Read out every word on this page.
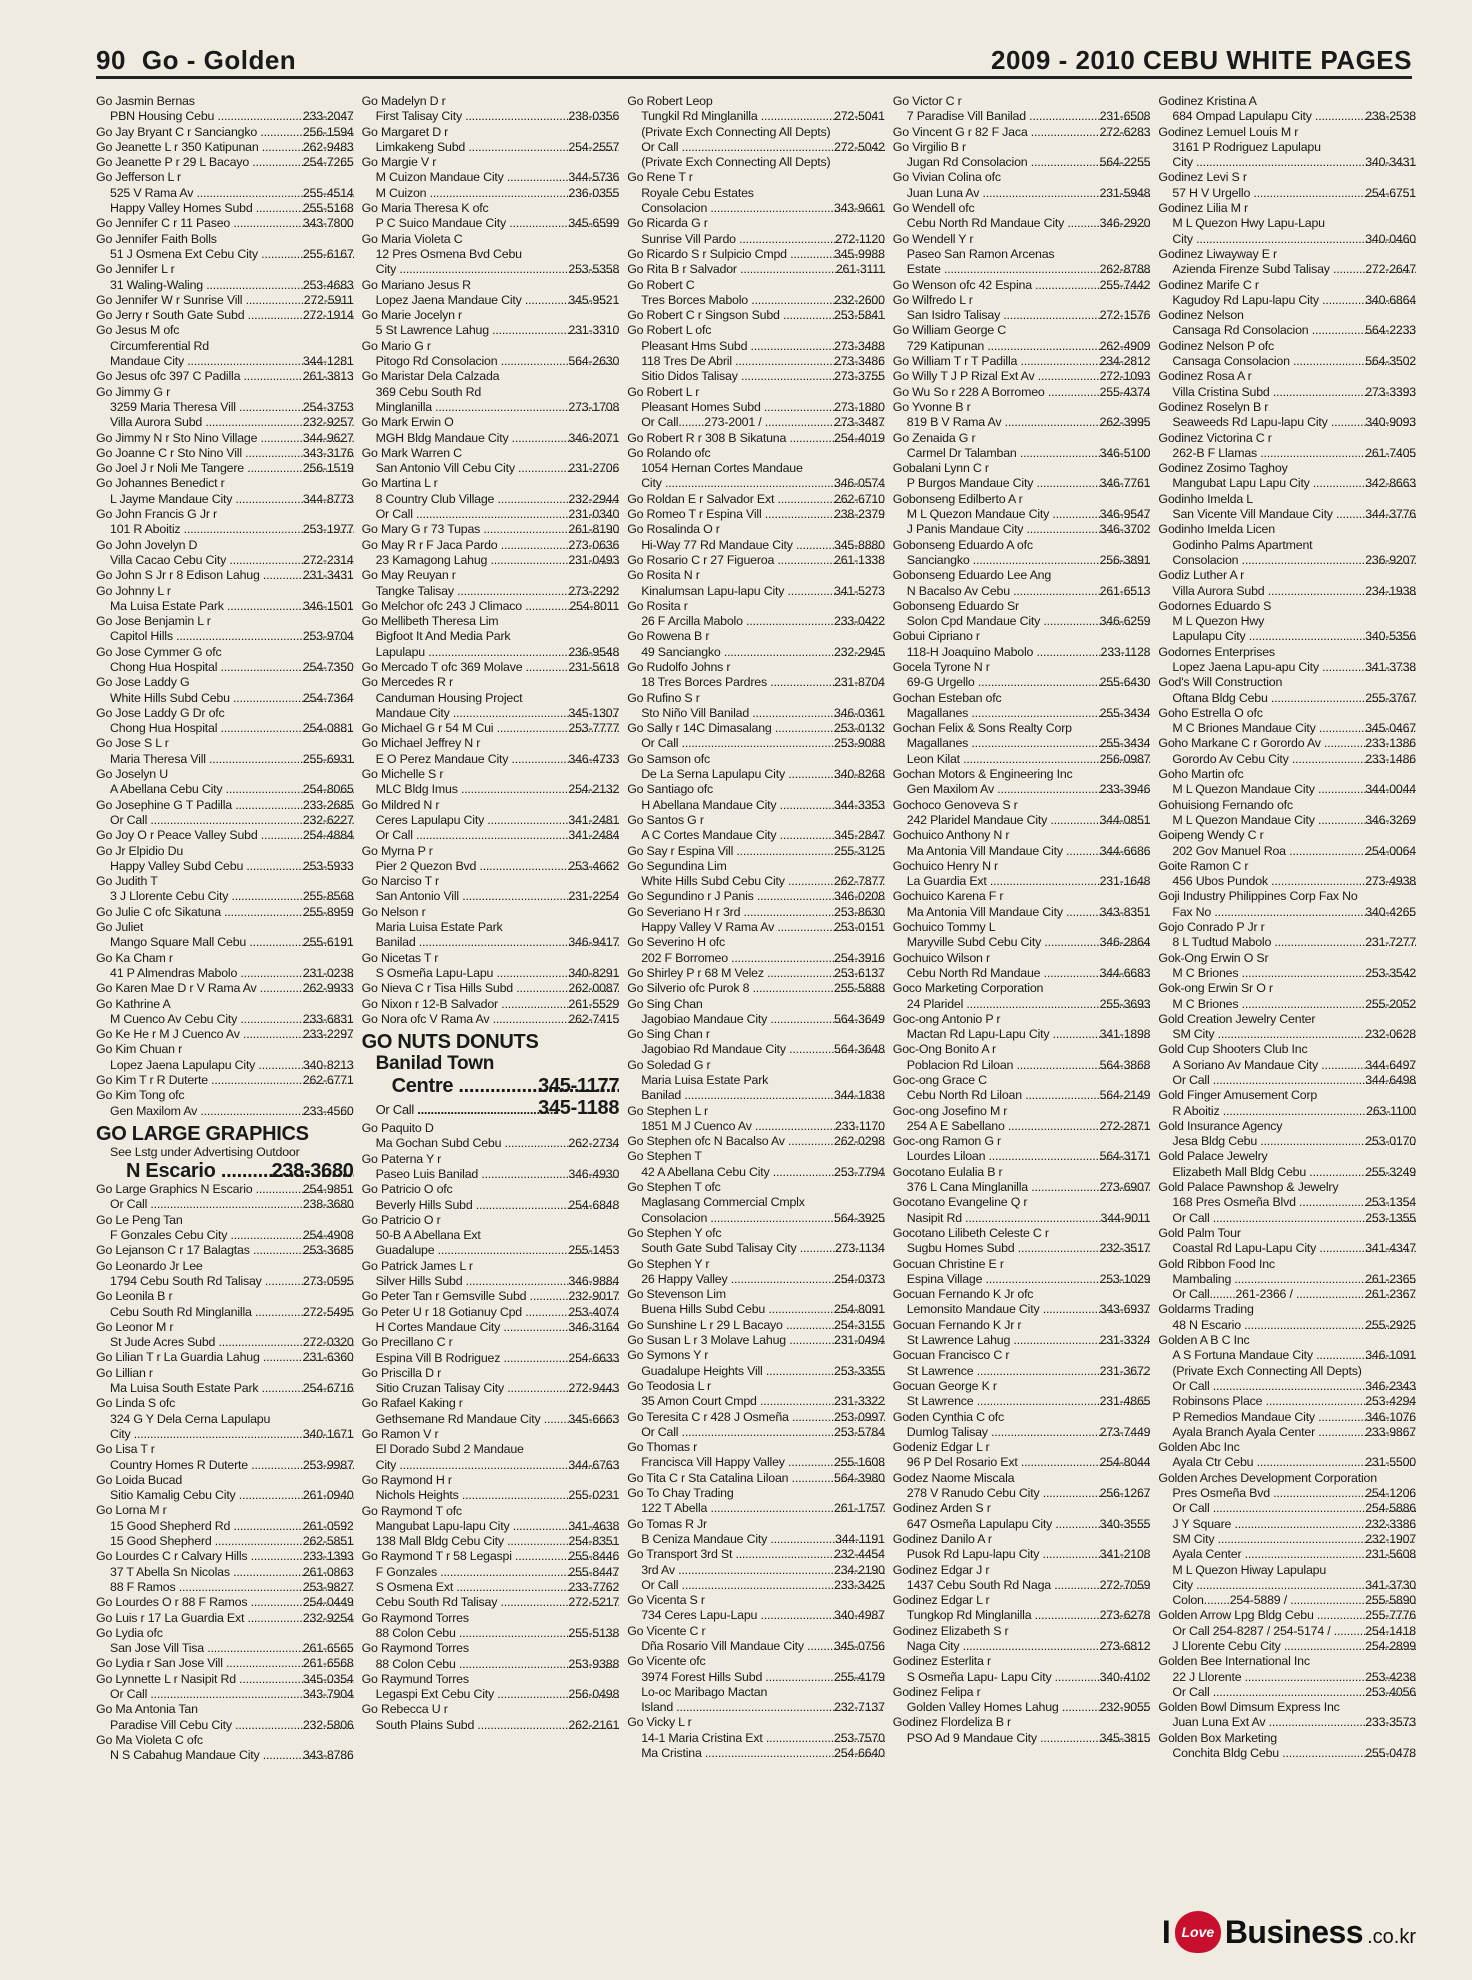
90 Go - Golden	2009 - 2010 CEBU WHITE PAGES
Go Jasmin Bernas
233-2047
PBN Housing Cebu .....
256-1594
Go Jay Bryant C r Sanciangko .....
262-9483
Go Jeanette L r 350 Katipunan .....
254-7265
Go Jeanette P r 29 L Bacayo .....
Go Jefferson L r
255-4514
525 V Rama Av .....
255-5168
Happy Valley Homes Subd .....
343-7800
Go Jennifer C r 11 Paseo .....
Go Jennifer Faith Bolls
255-6167
51 J Osmena Ext Cebu City .....
Go Jennifer L r
253-4683
31 Waling-Waling .....
272-5911
Go Jennifer W r Sunrise Vill .....
272-1914
Go Jerry r South Gate Subd .....
Go Jesus M ofc
Circumferential Rd
344-1281
Mandaue City .....
261-3813
Go Jesus ofc 397 C Padilla .....
Go Jimmy G r
254-3753
3259 Maria Theresa Vill .....
232-9257
Villa Aurora Subd .....
344-9627
Go Jimmy N r Sto Nino Village .....
343-3176
Go Joanne C r Sto Nino Vill .....
256-1519
Go Joel J r Noli Me Tangere .....
Go Johannes Benedict r
344-8773
L Jayme Mandaue City .....
Go John Francis G Jr r
253-1977
101 R Aboitiz .....
Go John Jovelyn D
272-2314
Villa Cacao Cebu City .....
231-3431
Go John S Jr r 8 Edison Lahug .....
Go Johnny L r
346-1501
Ma Luisa Estate Park .....
Go Jose Benjamin L r
253-9704
Capitol Hills .....
Go Jose Cymmer G ofc
254-7350
Chong Hua Hospital .....
Go Jose Laddy G
254-7364
White Hills Subd Cebu .....
Go Jose Laddy G Dr ofc
254-0881
Chong Hua Hospital .....
Go Jose S L r
255-6931
Maria Theresa Vill .....
Go Joselyn U
254-8065
A Abellana Cebu City .....
233-2685
Go Josephine G T Padilla .....
232-6227
Or Call .....
254-4884
Go Joy O r Peace Valley Subd .....
Go Jr Elpidio Du
253-5933
Happy Valley Subd Cebu .....
Go Judith T
255-8568
3 J Llorente Cebu City .....
255-8959
Go Julie C ofc Sikatuna .....
Go Juliet
255-6191
Mango Square Mall Cebu .....
Go Ka Cham r
231-0238
41 P Almendras Mabolo .....
262-9933
Go Karen Mae D r V Rama Av .....
Go Kathrine A
233-6831
M Cuenco Av Cebu City .....
233-2297
Go Ke He r M J Cuenco Av .....
Go Kim Chuan r
340-8213
Lopez Jaena Lapulapu City .....
262-6771
Go Kim T r R Duterte .....
Go Kim Tong ofc
233-4560
Gen Maxilom Av .....
GO LARGE GRAPHICS
See Lstg under Advertising Outdoor
238-3680
N Escario .....
254-9851
Go Large Graphics N Escario .....
238-3680
Or Call .....
Go Le Peng Tan
254-4908
F Gonzales Cebu City .....
253-3685
Go Lejanson C r 17 Balagtas .....
Go Leonardo Jr Lee
273-0595
1794 Cebu South Rd Talisay .....
Go Leonila B r
272-5495
Cebu South Rd Minglanilla .....
Go Leonor M r
272-0320
St Jude Acres Subd .....
231-6360
Go Lilian T r La Guardia Lahug .....
Go Lillian r
254-6716
Ma Luisa South Estate Park .....
Go Linda S ofc
324 G Y Dela Cerna Lapulapu
340-1671
City .....
Go Lisa T r
253-9987
Country Homes R Duterte .....
Go Loida Bucad
261-0940
Sitio Kamalig Cebu City .....
Go Lorna M r
261-0592
15 Good Shepherd Rd .....
262-5851
15 Good Shepherd .....
233-1393
Go Lourdes C r Calvary Hills .....
261-0863
37 T Abella Sn Nicolas .....
253-9827
88 F Ramos .....
254-0449
Go Lourdes O r 88 F Ramos .....
232-9254
Go Luis r 17 La Guardia Ext .....
Go Lydia ofc
261-6565
San Jose Vill Tisa .....
261-6568
Go Lydia r San Jose Vill .....
345-0354
Go Lynnette L r Nasipit Rd .....
343-7904
Or Call .....
Go Ma Antonia Tan
232-5806
Paradise Vill Cebu City .....
Go Ma Violeta C ofc
343-8786
N S Cabahug Mandaue City .....
Go Madelyn D r
238-0356
First Talisay City .....
Go Margaret D r
254-2557
Limkakeng Subd .....
Go Margie V r
344-5736
M Cuizon Mandaue City .....
236-0355
M Cuizon .....
Go Maria Theresa K ofc
345-6599
P C Suico Mandaue City .....
Go Maria Violeta C
12 Pres Osmena Bvd Cebu
253-5358
City .....
Go Mariano Jesus R
345-9521
Lopez Jaena Mandaue City .....
Go Marie Jocelyn r
231-3310
5 St Lawrence Lahug .....
Go Mario G r
564-2630
Pitogo Rd Consolacion .....
Go Maristar Dela Calzada
369 Cebu South Rd
273-1708
Minglanilla .....
Go Mark Erwin O
346-2071
MGH Bldg Mandaue City .....
Go Mark Warren C
231-2706
San Antonio Vill Cebu City .....
Go Martina L r
232-2944
8 Country Club Village .....
231-0340
Or Call .....
261-8190
Go Mary G r 73 Tupas .....
273-0636
Go May R r F Jaca Pardo .....
231-0493
23 Kamagong Lahug .....
Go May Reuyan r
273-2292
Tangke Talisay .....
254-8011
Go Melchor ofc 243 J Climaco .....
Go Mellibeth Theresa Lim
Bigfoot It And Media Park
236-9548
Lapulapu .....
231-5618
Go Mercado T ofc 369 Molave .....
Go Mercedes R r
Canduman Housing Project
345-1307
Mandaue City .....
253-7777
Go Michael G r 54 M Cui .....
Go Michael Jeffrey N r
346-4733
E O Perez Mandaue City .....
Go Michelle S r
254-2132
MLC Bldg Imus .....
Go Mildred N r
341-2481
Ceres Lapulapu City .....
341-2484
Or Call .....
Go Myrna P r
253-4662
Pier 2 Quezon Bvd .....
Go Narciso T r
231-2254
San Antonio Vill .....
Go Nelson r
Maria Luisa Estate Park
346-9417
Banilad .....
Go Nicetas T r
340-8291
S Osmeña Lapu-Lapu .....
262-0087
Go Nieva C r Tisa Hills Subd .....
261-5529
Go Nixon r 12-B Salvador .....
262-7415
Go Nora ofc V Rama Av .....
GO NUTS DONUTS
Banilad Town
345-1177
Centre .....
345-1188
Or Call .....
Go Paquito D
262-2734
Ma Gochan Subd Cebu .....
Go Paterna Y r
346-4930
Paseo Luis Banilad .....
Go Patricio O ofc
254-6848
Beverly Hills Subd .....
Go Patricio O r
50-B A Abellana Ext
255-1453
Guadalupe .....
Go Patrick James L r
346-9884
Silver Hills Subd .....
232-9017
Go Peter Tan r Gemsville Subd .....
253-4074
Go Peter U r 18 Gotianuy Cpd .....
346-3164
H Cortes Mandaue City .....
Go Precillano C r
254-6633
Espina Vill B Rodriguez .....
Go Priscilla D r
272-9443
Sitio Cruzan Talisay City .....
Go Rafael Kaking r
345-6663
Gethsemane Rd Mandaue City .....
Go Ramon V r
El Dorado Subd 2 Mandaue
344-6763
City .....
Go Raymond H r
255-0231
Nichols Heights .....
Go Raymond T ofc
341-4638
Mangubat Lapu-lapu City .....
254-8351
138 Mall Bldg Cebu City .....
255-8446
Go Raymond T r 58 Legaspi .....
255-8447
F Gonzales .....
233-7762
S Osmena Ext .....
272-5217
Cebu South Rd Talisay .....
Go Raymond Torres
255-5138
88 Colon Cebu .....
Go Raymond Torres
253-9388
88 Colon Cebu .....
Go Raymund Torres
256-0498
Legaspi Ext Cebu City .....
Go Rebecca U r
262-2161
South Plains Subd .....
Go Robert Leop
272-5041
Tungkil Rd Minglanilla .....
(Private Exch Connecting All Depts)
272-5042
Or Call .....
(Private Exch Connecting All Depts)
Go Rene T r
Royale Cebu Estates
343-9661
Consolacion .....
Go Ricarda G r
272-1120
Sunrise Vill Pardo .....
345-9988
Go Ricardo S r Sulpicio Cmpd .....
261-3111
Go Rita B r Salvador .....
Go Robert C
232-2600
Tres Borces Mabolo .....
253-5841
Go Robert C r Singson Subd .....
Go Robert L ofc
273-3488
Pleasant Hms Subd .....
273-3486
118 Tres De Abril .....
273-3755
Sitio Didos Talisay .....
Go Robert L r
273-1880
Pleasant Homes Subd .....
273-3487
Or Call........273-2001 / .....
254-4019
Go Robert R r 308 B Sikatuna .....
Go Rolando ofc
1054 Hernan Cortes Mandaue
346-0574
City .....
262-6710
Go Roldan E r Salvador Ext .....
238-2379
Go Romeo T r Espina Vill .....
Go Rosalinda O r
345-8880
Hi-Way 77 Rd Mandaue City .....
261-1338
Go Rosario C r 27 Figueroa .....
Go Rosita N r
341-5273
Kinalumsan Lapu-lapu City .....
Go Rosita r
233-0422
26 F Arcilla Mabolo .....
Go Rowena B r
232-2945
49 Sanciangko .....
Go Rudolfo Johns r
231-8704
18 Tres Borces Pardres .....
Go Rufino S r
346-0361
Sto Niño Vill Banilad .....
253-0132
Go Sally r 14C Dimasalang .....
253-9088
Or Call .....
Go Samson ofc
340-8268
De La Serna Lapulapu City .....
Go Santiago ofc
344-3353
H Abellana Mandaue City .....
Go Santos G r
345-2847
A C Cortes Mandaue City .....
255-3125
Go Say r Espina Vill .....
Go Segundina Lim
262-7877
White Hills Subd Cebu City .....
346-0208
Go Segundino r J Panis .....
253-8630
Go Severiano H r 3rd .....
253-0151
Happy Valley V Rama Av .....
Go Severino H ofc
254-3916
202 F Borromeo .....
253-6137
Go Shirley P r 68 M Velez .....
255-5888
Go Silverio ofc Purok 8 .....
Go Sing Chan
564-3649
Jagobiao Mandaue City .....
Go Sing Chan r
564-3648
Jagobiao Rd Mandaue City .....
Go Soledad G r
Maria Luisa Estate Park
344-1838
Banilad .....
Go Stephen L r
233-1170
1851 M J Cuenco Av .....
262-0298
Go Stephen ofc N Bacalso Av .....
Go Stephen T
253-7794
42 A Abellana Cebu City .....
Go Stephen T ofc
Maglasang Commercial Cmplx
564-3925
Consolacion .....
Go Stephen Y ofc
273-1134
South Gate Subd Talisay City .....
Go Stephen Y r
254-0373
26 Happy Valley .....
Go Stevenson Lim
254-8091
Buena Hills Subd Cebu .....
254-3155
Go Sunshine L r 29 L Bacayo .....
231-0494
Go Susan L r 3 Molave Lahug .....
Go Symons Y r
253-3355
Guadalupe Heights Vill .....
Go Teodosia L r
231-3322
35 Amon Court Cmpd .....
253-0997
Go Teresita C r 428 J Osmeña .....
253-5784
Or Call .....
Go Thomas r
255-1608
Francisca Vill Happy Valley .....
564-3980
Go Tita C r Sta Catalina Liloan .....
Go To Chay Trading
261-1757
122 T Abella .....
Go Tomas R Jr
344-1191
B Ceniza Mandaue City .....
232-4454
Go Transport 3rd St .....
234-2190
3rd Av .....
233-3425
Or Call .....
Go Vicenta S r
340-4987
734 Ceres Lapu-Lapu .....
Go Vicente C r
345-0756
Dña Rosario Vill Mandaue City .....
Go Vicente ofc
255-4179
3974 Forest Hills Subd .....
Lo-oc Maribago Mactan
232-7137
Island .....
Go Vicky L r
253-7570
14-1 Maria Cristina Ext .....
254-6640
Ma Cristina .....
Go Victor C r
231-6508
7 Paradise Vill Banilad .....
272-6283
Go Vincent G r 82 F Jaca .....
Go Virgilio B r
564-2255
Jugan Rd Consolacion .....
Go Vivian Colina ofc
231-5948
Juan Luna Av .....
Go Wendell ofc
346-2920
Cebu North Rd Mandaue City .....
Go Wendell Y r
Paseo San Ramon Arcenas
262-8788
Estate .....
255-7442
Go Wenson ofc 42 Espina .....
Go Wilfredo L r
272-1576
San Isidro Talisay .....
Go William George C
262-4909
729 Katipunan .....
234-2812
Go William T r T Padilla .....
272-1093
Go Willy T J P Rizal Ext Av .....
255-4374
Go Wu So r 228 A Borromeo .....
Go Yvonne B r
262-3995
819 B V Rama Av .....
Go Zenaida G r
346-5100
Carmel Dr Talamban .....
Gobalani Lynn C r
346-7761
P Burgos Mandaue City .....
Gobonseng Edilberto A r
346-9547
M L Quezon Mandaue City .....
346-3702
J Panis Mandaue City .....
Gobonseng Eduardo A ofc
256-3891
Sanciangko .....
Gobonseng Eduardo Lee Ang
261-6513
N Bacalso Av Cebu .....
Gobonseng Eduardo Sr
346-6259
Solon Cpd Mandaue City .....
Gobui Cipriano r
233-1128
118-H Joaquino Mabolo .....
Gocela Tyrone N r
255-6430
69-G Urgello .....
Gochan Esteban ofc
255-3434
Magallanes .....
Gochan Felix & Sons Realty Corp
255-3434
Magallanes .....
256-0987
Leon Kilat .....
Gochan Motors & Engineering Inc
233-3946
Gen Maxilom Av .....
Gochoco Genoveva S r
344-0851
242 Plaridel Mandaue City .....
Gochuico Anthony N r
344-6686
Ma Antonia Vill Mandaue City .....
Gochuico Henry N r
231-1648
La Guardia Ext .....
Gochuico Karena F r
343-8351
Ma Antonia Vill Mandaue City .....
Gochuico Tommy L
346-2864
Maryville Subd Cebu City .....
Gochuico Wilson r
344-6683
Cebu North Rd Mandaue .....
Goco Marketing Corporation
255-3693
24 Plaridel .....
Goc-ong Antonio P r
341-1898
Mactan Rd Lapu-Lapu City .....
Goc-Ong Bonito A r
564-3868
Poblacion Rd Liloan .....
Goc-ong Grace C
564-2149
Cebu North Rd Liloan .....
Goc-ong Josefino M r
272-2871
254 A E Sabellano .....
Goc-ong Ramon G r
564-3171
Lourdes Liloan .....
Gocotano Eulalia B r
273-6907
376 L Cana Minglanilla .....
Gocotano Evangeline Q r
344-9011
Nasipit Rd .....
Gocotano Lilibeth Celeste C r
232-3517
Sugbu Homes Subd .....
Gocuan Christine E r
253-1029
Espina Village .....
Gocuan Fernando K Jr ofc
343-6937
Lemonsito Mandaue City .....
Gocuan Fernando K Jr r
231-3324
St Lawrence Lahug .....
Gocuan Francisco C r
231-3672
St Lawrence .....
Gocuan George K r
231-4865
St Lawrence .....
Goden Cynthia C ofc
273-7449
Dumlog Talisay .....
Godeniz Edgar L r
254-8044
96 P Del Rosario Ext .....
Godez Naome Miscala
256-1267
278 V Ranudo Cebu City .....
Godinez Arden S r
340-3555
647 Osmeña Lapulapu City .....
Godinez Danilo A r
341-2108
Pusok Rd Lapu-lapu City .....
Godinez Edgar J r
272-7059
1437 Cebu South Rd Naga .....
Godinez Edgar L r
273-6278
Tungkop Rd Minglanilla .....
Godinez Elizabeth S r
273-6812
Naga City .....
Godinez Esterlita r
340-4102
S Osmeña Lapu- Lapu City .....
Godinez Felipa r
232-9055
Golden Valley Homes Lahug .....
Godinez Flordeliza B r
345-3815
PSO Ad 9 Mandaue City .....
Godinez Kristina A
238-2538
684 Ompad Lapulapu City .....
Godinez Lemuel Louis M r
3161 P Rodriguez Lapulapu
340-3431
City .....
Godinez Levi S r
254-6751
57 H V Urgello .....
Godinez Lilia M r
M L Quezon Hwy Lapu-Lapu
340-0460
City .....
Godinez Liwayway E r
272-2647
Azienda Firenze Subd Talisay .....
Godinez Marife C r
340-6864
Kagudoy Rd Lapu-lapu City .....
Godinez Nelson
564-2233
Cansaga Rd Consolacion .....
Godinez Nelson P ofc
564-3502
Cansaga Consolacion .....
Godinez Rosa A r
273-3393
Villa Cristina Subd .....
Godinez Roselyn B r
340-9093
Seaweeds Rd Lapu-lapu City .....
Godinez Victorina C r
261-7405
262-B F Llamas .....
Godinez Zosimo Taghoy
342-8663
Mangubat Lapu Lapu City .....
Godinho Imelda L
344-3776
San Vicente Vill Mandaue City .....
Godinho Imelda Licen
Godinho Palms Apartment
236-9207
Consolacion .....
Godiz Luther A r
234-1938
Villa Aurora Subd .....
Godornes Eduardo S
M L Quezon Hwy
340-5356
Lapulapu City .....
Godornes Enterprises
341-3738
Lopez Jaena Lapu-apu City .....
God's Will Construction
255-3767
Oftana Bldg Cebu .....
Goho Estrella O ofc
345-0467
M C Briones Mandaue City .....
233-1386
Goho Markane C r Gorordo Av .....
233-1486
Gorordo Av Cebu City .....
Goho Martin ofc
344-0044
M L Quezon Mandaue City .....
Gohuisiong Fernando ofc
346-3269
M L Quezon Mandaue City .....
Goipeng Wendy C r
254-0064
202 Gov Manuel Roa .....
Goite Ramon C r
273-4938
456 Ubos Pundok .....
Goji Industry Philippines Corp Fax No
340-4265
Fax No .....
Gojo Conrado P Jr r
231-7277
8 L Tudtud Mabolo .....
Gok-Ong Erwin O Sr
253-3542
M C Briones .....
Gok-ong Erwin Sr O r
255-2052
M C Briones .....
Gold Creation Jewelry Center
232-0628
SM City .....
Gold Cup Shooters Club Inc
344-6497
A Soriano Av Mandaue City .....
344-6498
Or Call .....
Gold Finger Amusement Corp
263-1100
R Aboitiz .....
Gold Insurance Agency
253-0170
Jesa Bldg Cebu .....
Gold Palace Jewelry
255-3249
Elizabeth Mall Bldg Cebu .....
Gold Palace Pawnshop & Jewelry
253-1354
168 Pres Osmeña Blvd .....
253-1355
Or Call .....
Gold Palm Tour
341-4347
Coastal Rd Lapu-Lapu City .....
Gold Ribbon Food Inc
261-2365
Mambaling .....
261-2367
Or Call........261-2366 / .....
Goldarms Trading
255-2925
48 N Escario .....
Golden A B C Inc
346-1091
A S Fortuna Mandaue City .....
(Private Exch Connecting All Depts)
346-2343
Or Call .....
253-4294
Robinsons Place .....
346-1076
P Remedios Mandaue City .....
233-9867
Ayala Branch Ayala Center .....
Golden Abc Inc
231-5500
Ayala Ctr Cebu .....
Golden Arches Development Corporation
254-1206
Pres Osmeña Bvd .....
254-5886
Or Call .....
232-3386
J Y Square .....
232-1907
SM City .....
231-5608
Ayala Center .....
M L Quezon Hiway Lapulapu
341-3730
City .....
255-5890
Colon........254-5889 / .....
255-7776
Golden Arrow Lpg Bldg Cebu .....
254-1418
Or Call 254-8287 / 254-5174 / .....
254-2899
J Llorente Cebu City .....
Golden Bee International Inc
253-4238
22 J Llorente .....
253-4056
Or Call .....
Golden Bowl Dimsum Express Inc
233-3573
Juan Luna Ext Av .....
Golden Box Marketing
255-0478
Conchita Bldg Cebu .....
I Love Business .co.kr
